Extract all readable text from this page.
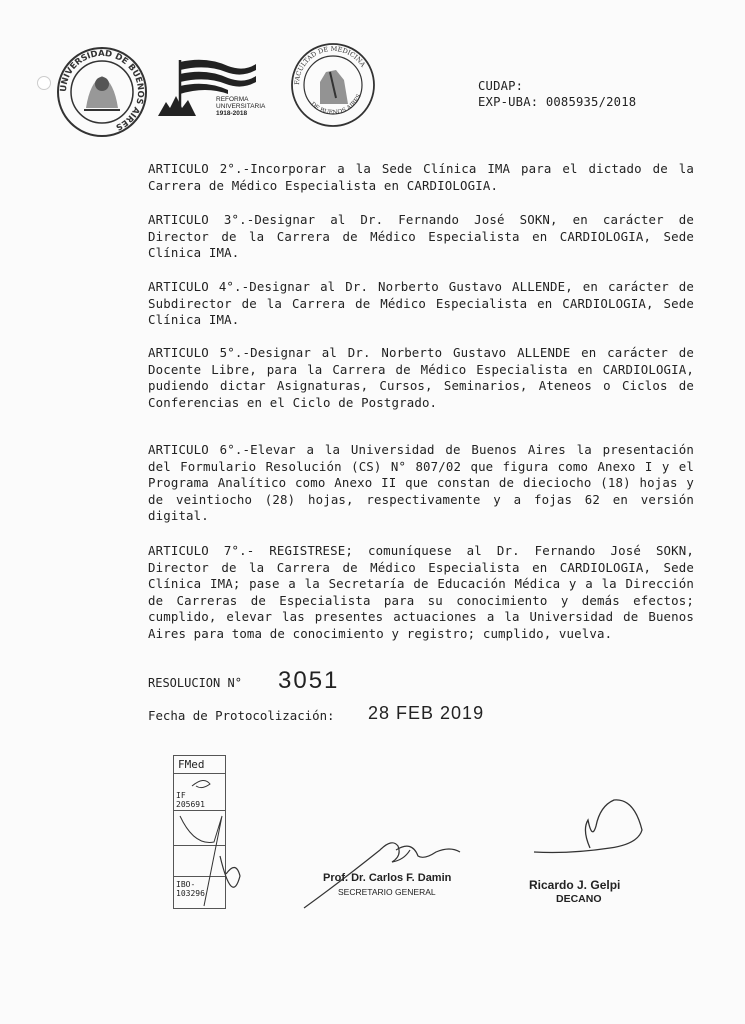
UNIVERSIDAD DE BUENOS AIRES
REFORMA
UNIVERSITARIA
1918-2018
FACULTAD DE MEDICINA
DE BUENOS AIRES
CUDAP:
EXP-UBA: 0085935/2018

ARTICULO 2°.-Incorporar a la Sede Clínica IMA para el dictado de la Carrera de Médico Especialista en CARDIOLOGIA.

ARTICULO 3°.-Designar al Dr. Fernando José SOKN, en carácter de Director de la Carrera de Médico Especialista en CARDIOLOGIA, Sede Clínica IMA.

ARTICULO 4°.-Designar al Dr. Norberto Gustavo ALLENDE, en carácter de Subdirector de la Carrera de Médico Especialista en CARDIOLOGIA, Sede Clínica IMA.

ARTICULO 5°.-Designar al Dr. Norberto Gustavo ALLENDE en carácter de Docente Libre, para la Carrera de Médico Especialista en CARDIOLOGIA, pudiendo dictar Asignaturas, Cursos, Seminarios, Ateneos o Ciclos de Conferencias en el Ciclo de Postgrado.

ARTICULO 6°.-Elevar a la Universidad de Buenos Aires la presentación del Formulario Resolución (CS) N° 807/02 que figura como Anexo I y el Programa Analítico como Anexo II que constan de dieciocho (18) hojas y de veintiocho (28) hojas, respectivamente y a fojas 62 en versión digital.

ARTICULO 7°.- REGISTRESE; comuníquese al Dr. Fernando José SOKN, Director de la Carrera de Médico Especialista en CARDIOLOGIA, Sede Clínica IMA; pase a la Secretaría de Educación Médica y a la Dirección de Carreras de Especialista para su conocimiento y demás efectos; cumplido, elevar las presentes actuaciones a la Universidad de Buenos Aires para toma de conocimiento y registro; cumplido, vuelva.

RESOLUCION N° 3051
Fecha de Protocolización: 28 FEB 2019
FMed
IF
205691
IBO-
103296
Prof. Dr. Carlos F. Damin
SECRETARIO GENERAL	Ricardo J. Gelpi
DECANO
